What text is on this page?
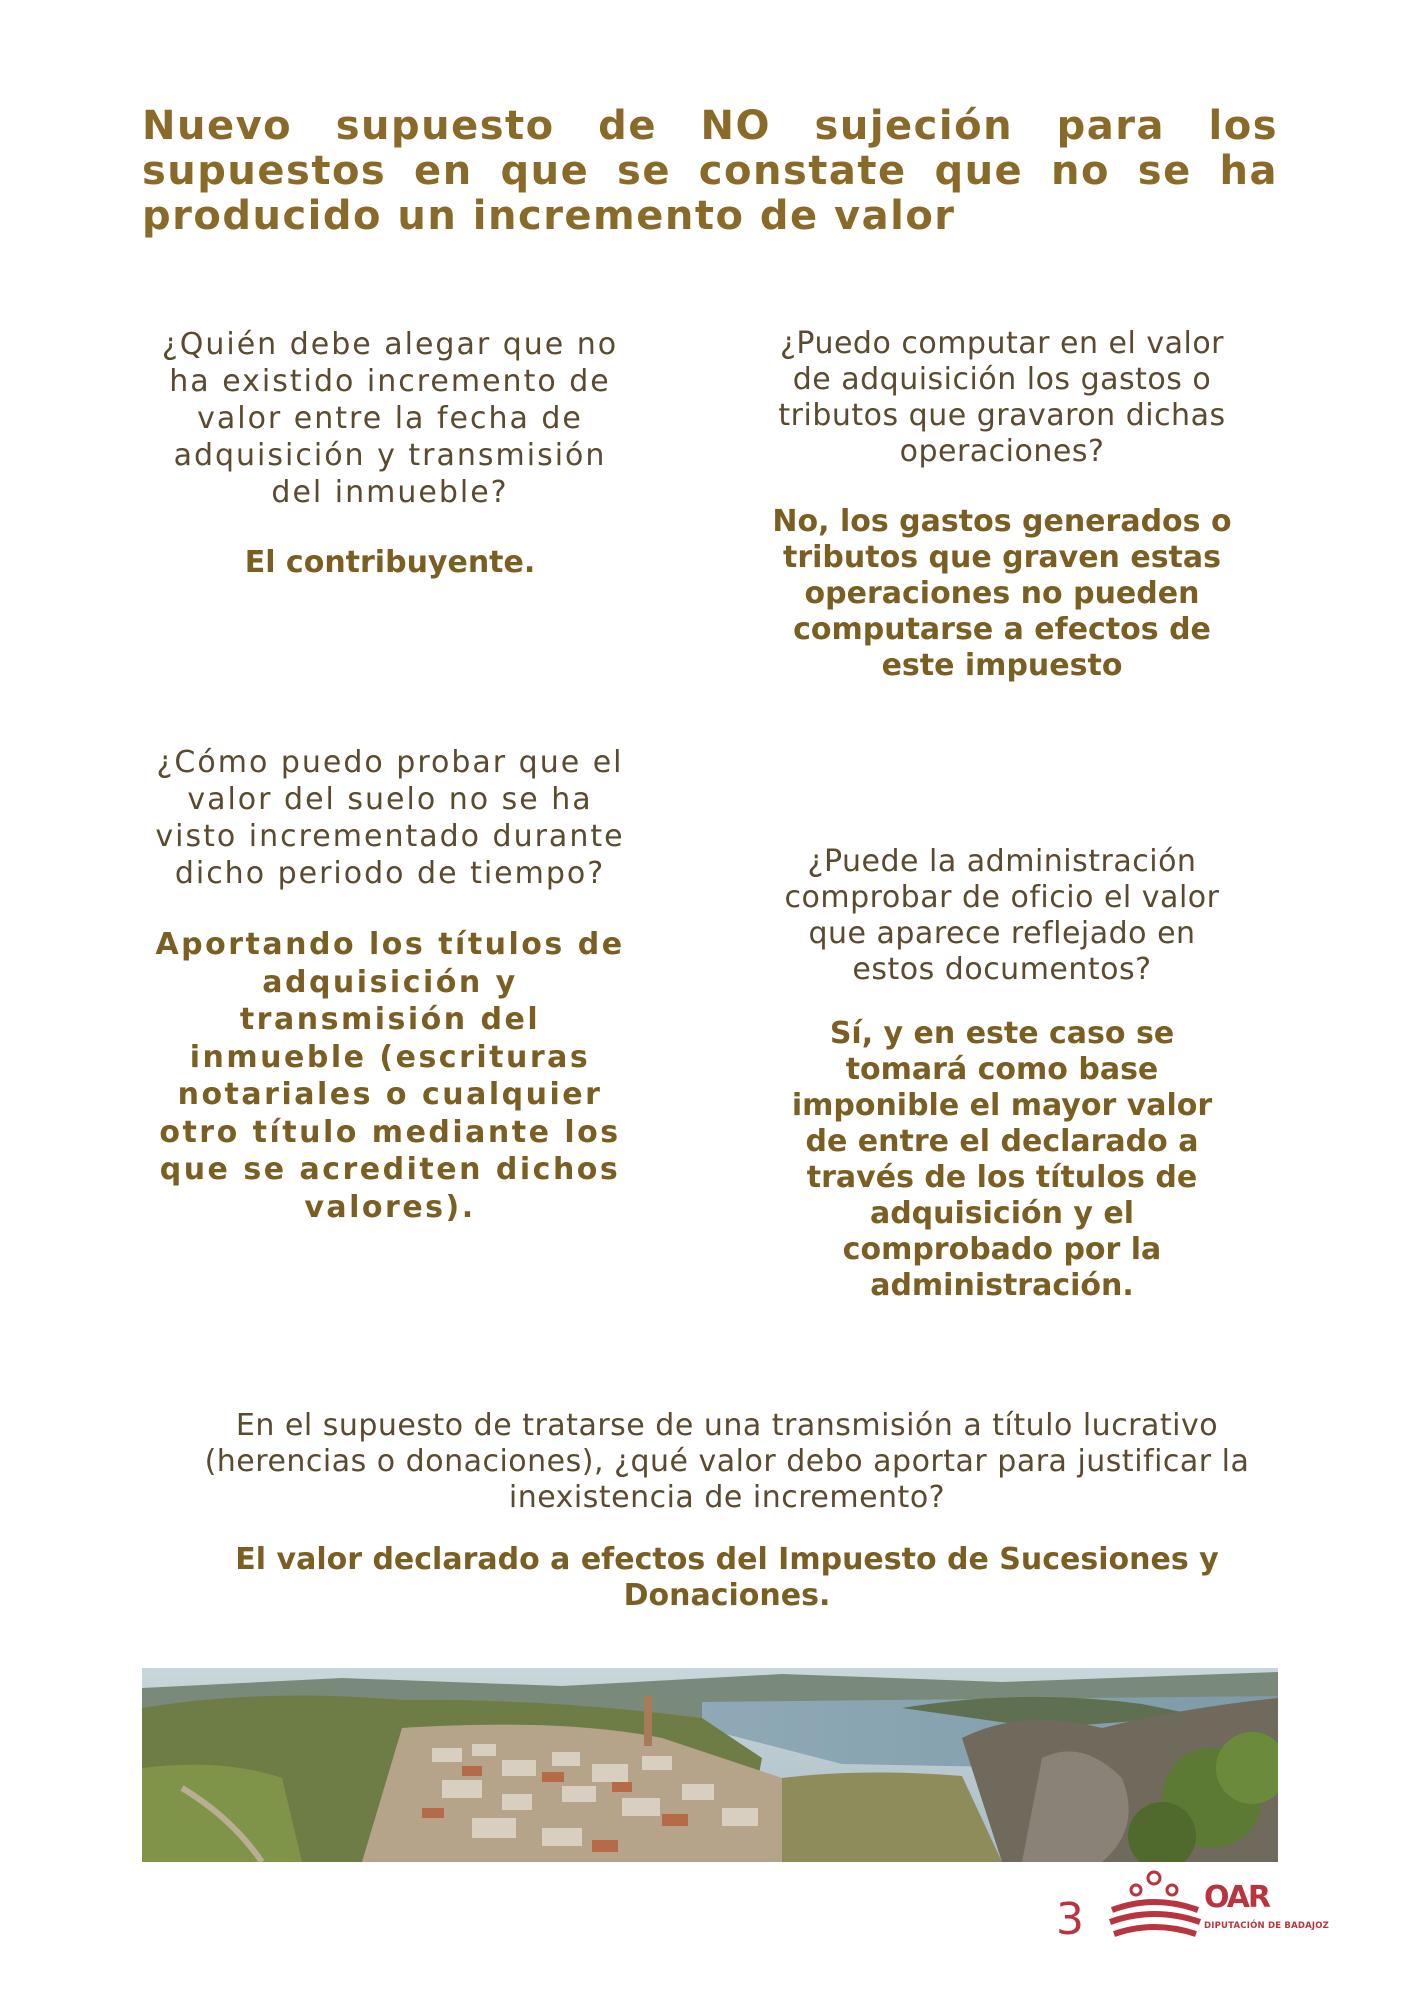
Nuevo supuesto de NO sujeción para los supuestos en que se constate que no se ha producido un incremento de valor

¿Quién debe alegar que no ha existido incremento de valor entre la fecha de adquisición y transmisión del inmueble?

El contribuyente.

¿Puedo computar en el valor de adquisición los gastos o tributos que gravaron dichas operaciones?

No, los gastos generados o tributos que graven estas operaciones no pueden computarse a efectos de este impuesto

¿Cómo puedo probar que el valor del suelo no se ha visto incrementado durante dicho periodo de tiempo?

Aportando los títulos de adquisición y transmisión del inmueble (escrituras notariales o cualquier otro título mediante los que se acrediten dichos valores).

¿Puede la administración comprobar de oficio el valor que aparece reflejado en estos documentos?

Sí, y en este caso se tomará como base imponible el mayor valor de entre el declarado a través de los títulos de adquisición y el comprobado por la administración.

En el supuesto de tratarse de una transmisión a título lucrativo (herencias o donaciones), ¿qué valor debo aportar para justificar la inexistencia de incremento?

El valor declarado a efectos del Impuesto de Sucesiones y Donaciones.

3	OAR
DIPUTACIÓN DE BADAJOZ
